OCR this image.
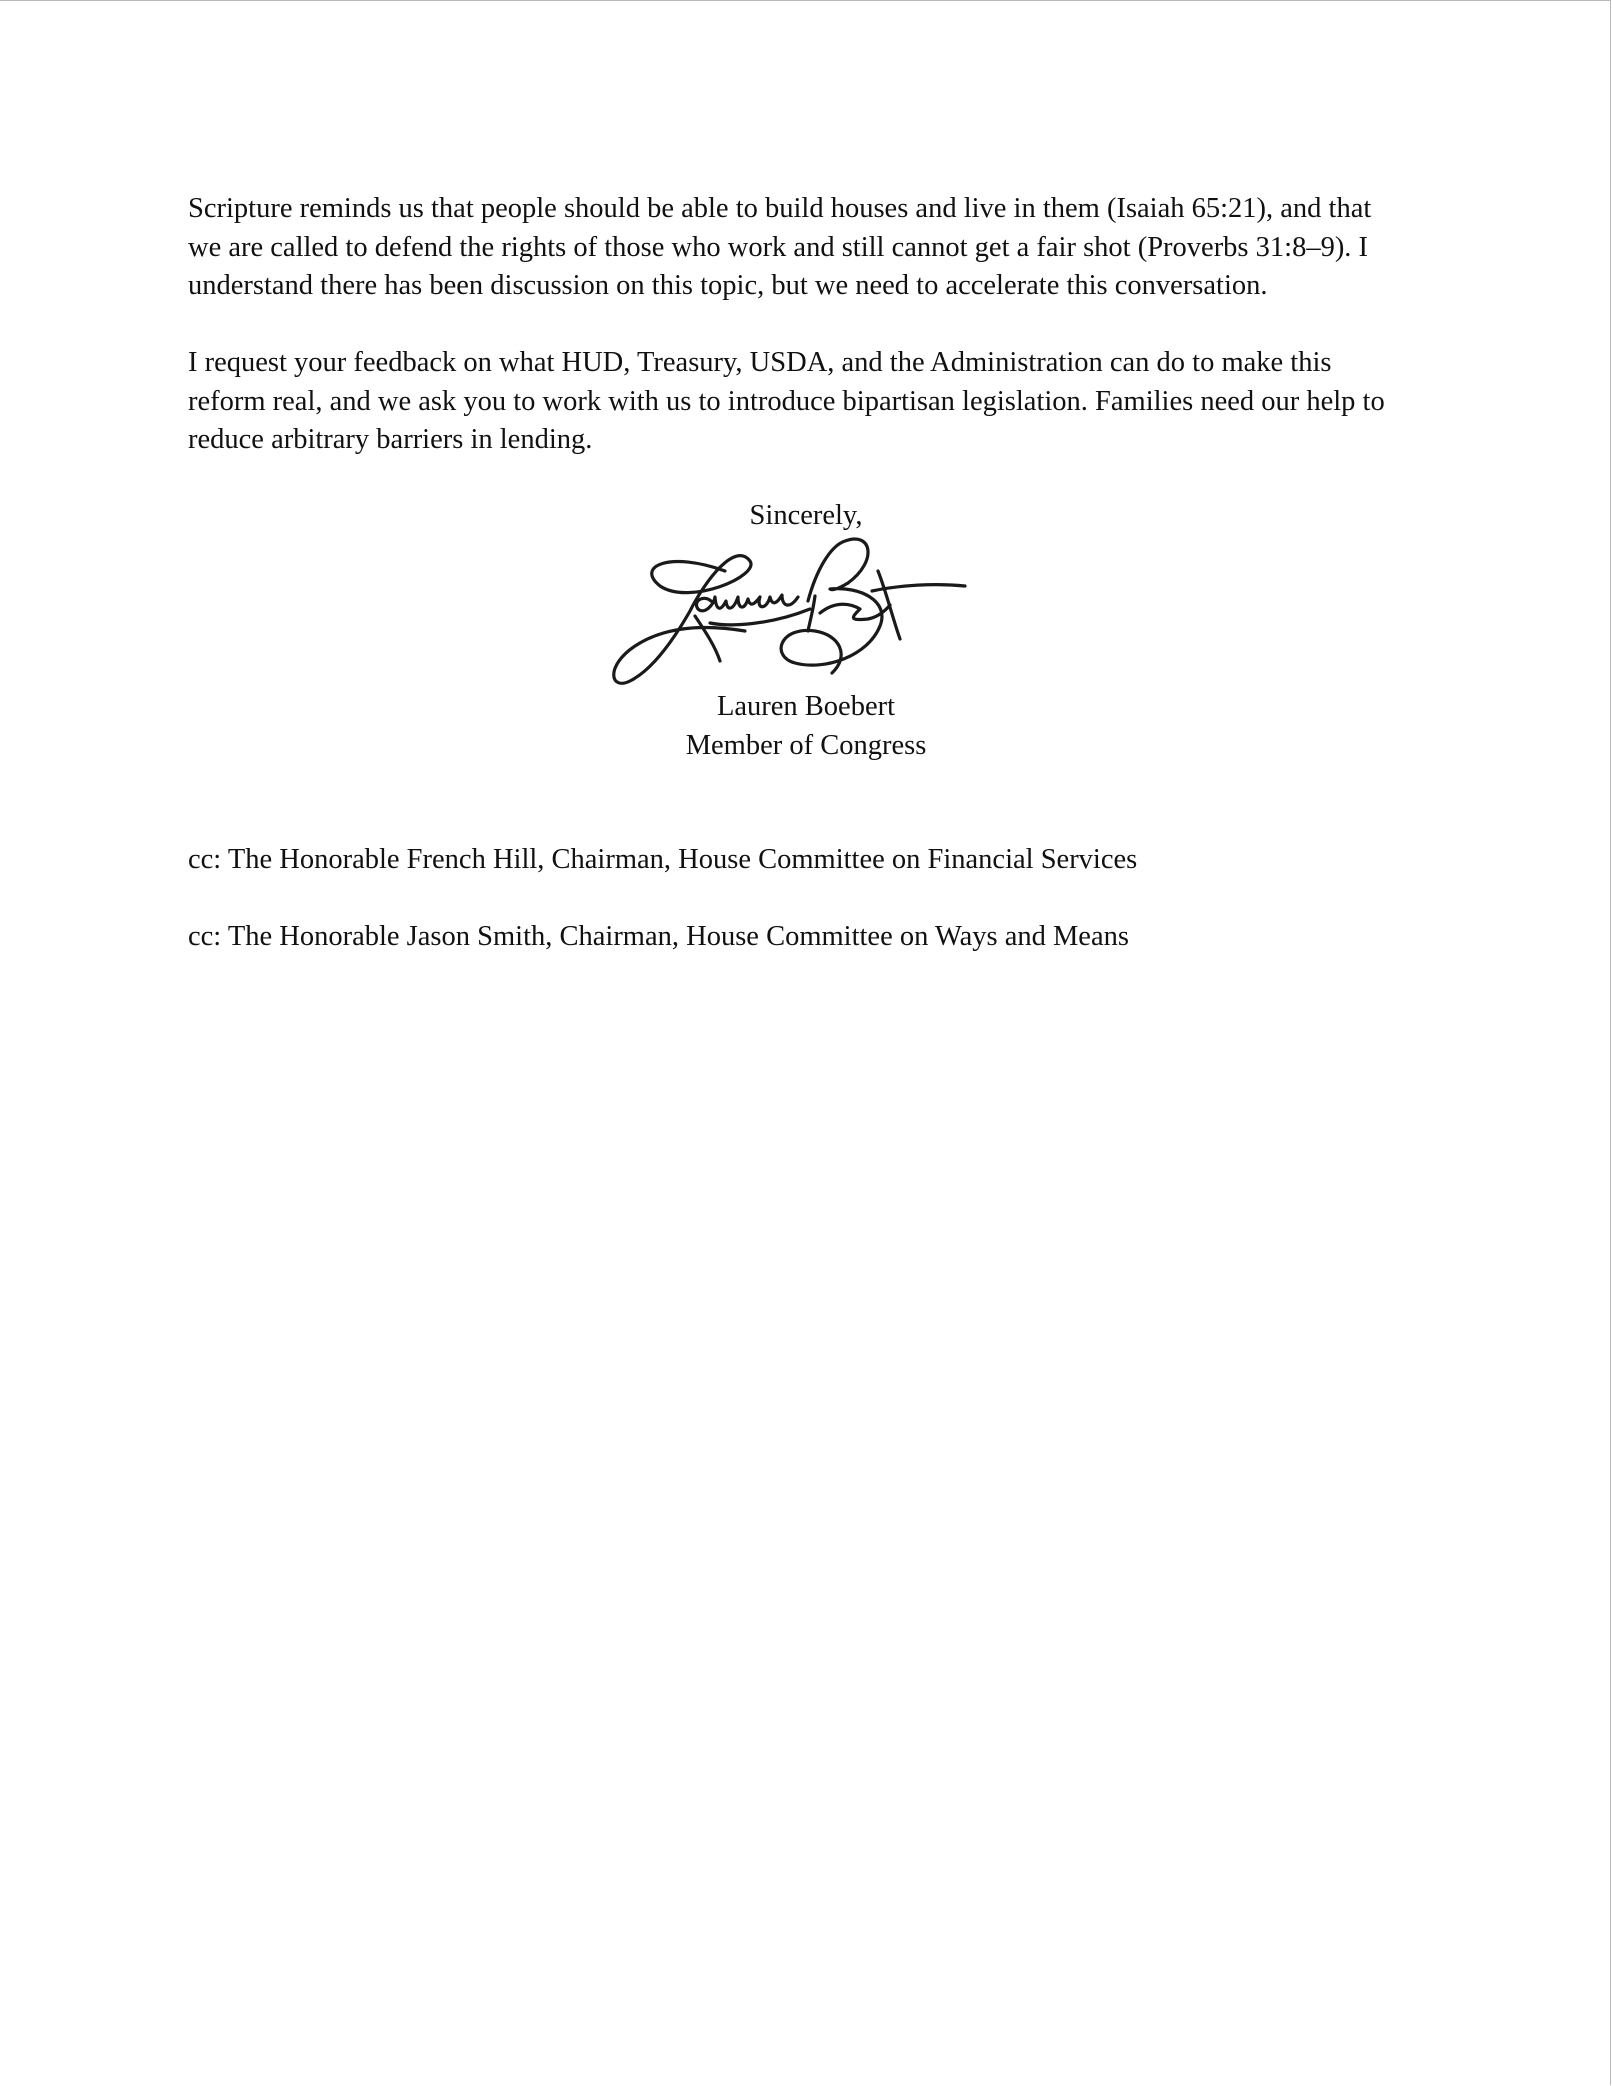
Scripture reminds us that people should be able to build houses and live in them (Isaiah 65:21), and that
we are called to defend the rights of those who work and still cannot get a fair shot (Proverbs 31:8–9). I
understand there has been discussion on this topic, but we need to accelerate this conversation.
I request your feedback on what HUD, Treasury, USDA, and the Administration can do to make this
reform real, and we ask you to work with us to introduce bipartisan legislation. Families need our help to
reduce arbitrary barriers in lending.
Sincerely,
Lauren Boebert
Member of Congress
cc: The Honorable French Hill, Chairman, House Committee on Financial Services
cc: The Honorable Jason Smith, Chairman, House Committee on Ways and Means
